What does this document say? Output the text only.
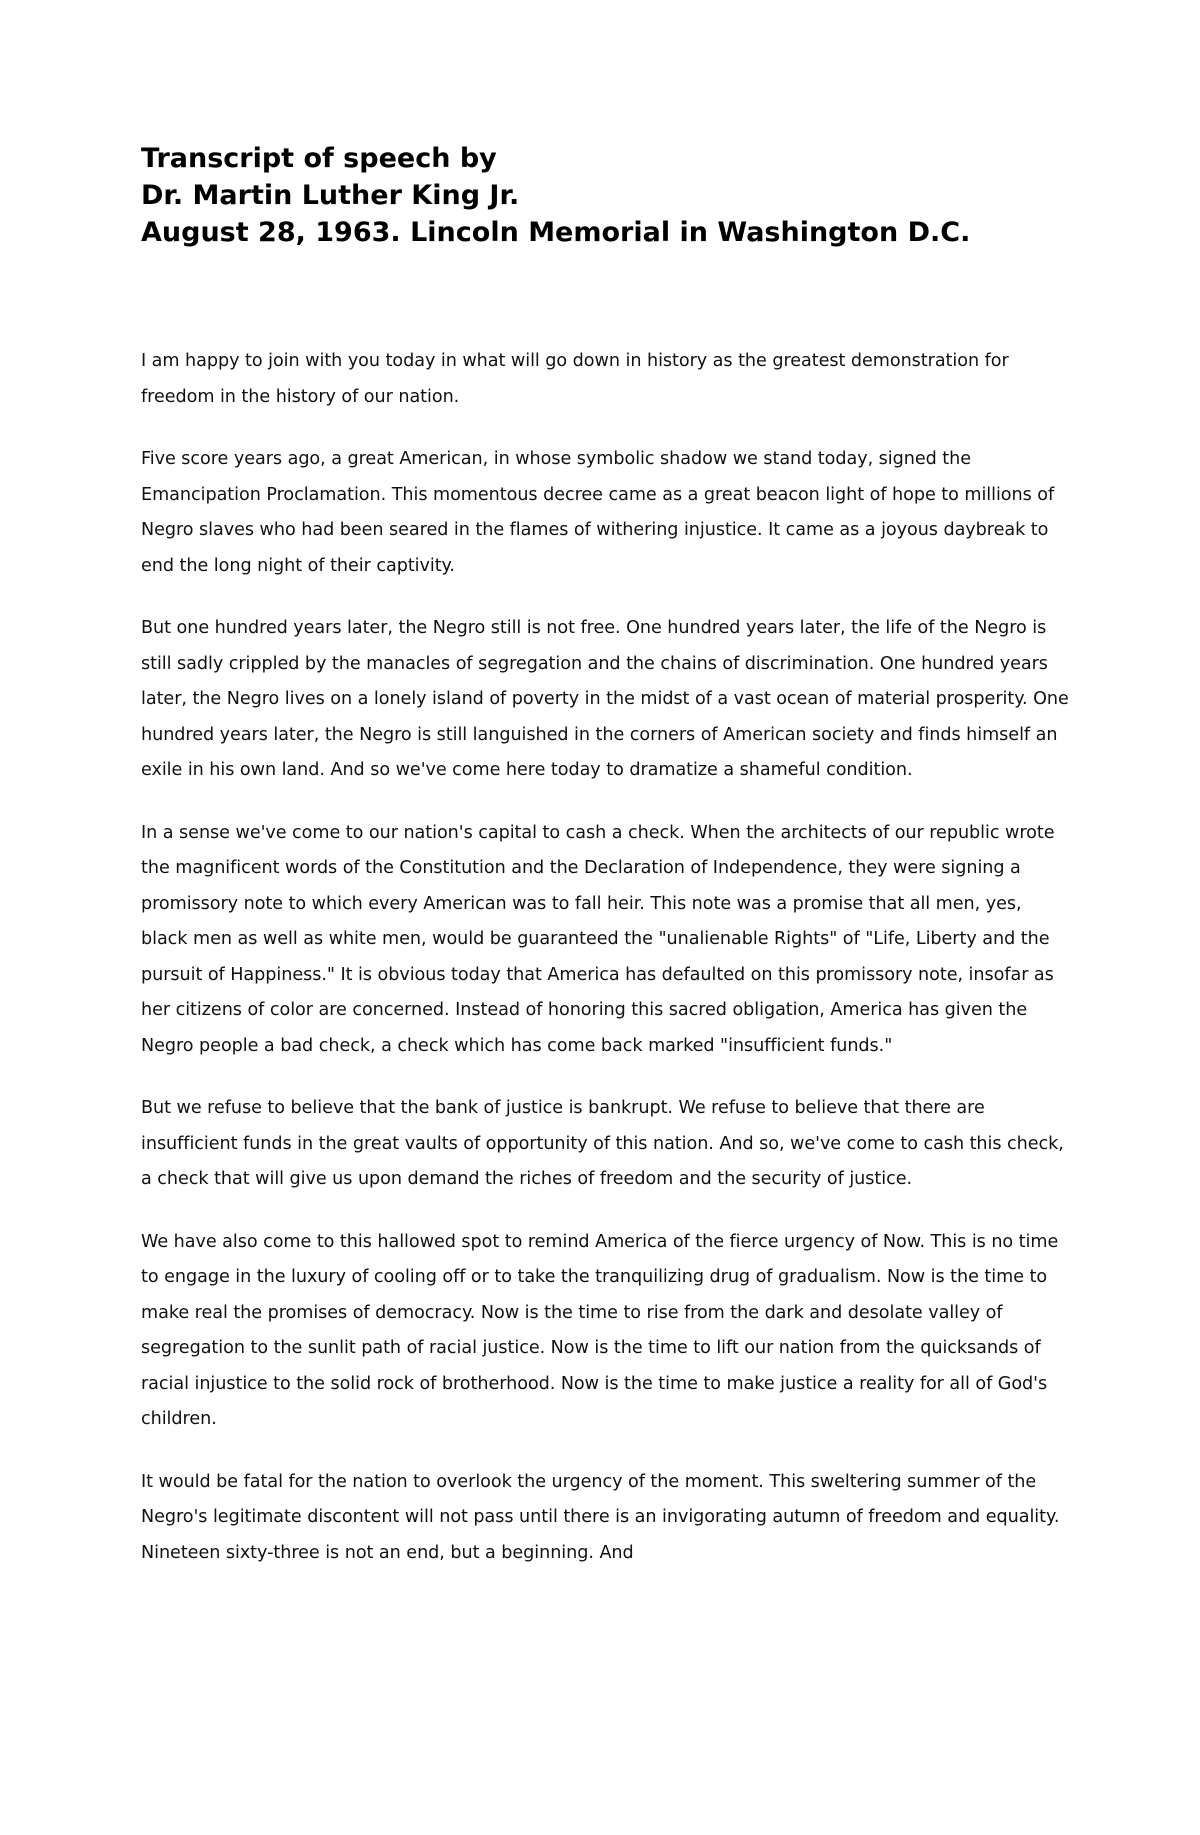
Transcript of speech by
Dr. Martin Luther King Jr.
August 28, 1963. Lincoln Memorial in Washington D.C.

I am happy to join with you today in what will go down in history as the greatest demonstration for freedom in the history of our nation.

Five score years ago, a great American, in whose symbolic shadow we stand today, signed the Emancipation Proclamation. This momentous decree came as a great beacon light of hope to millions of Negro slaves who had been seared in the flames of withering injustice. It came as a joyous daybreak to end the long night of their captivity.

But one hundred years later, the Negro still is not free. One hundred years later, the life of the Negro is still sadly crippled by the manacles of segregation and the chains of discrimination. One hundred years later, the Negro lives on a lonely island of poverty in the midst of a vast ocean of material prosperity. One hundred years later, the Negro is still languished in the corners of American society and finds himself an exile in his own land. And so we've come here today to dramatize a shameful condition.

In a sense we've come to our nation's capital to cash a check. When the architects of our republic wrote the magnificent words of the Constitution and the Declaration of Independence, they were signing a promissory note to which every American was to fall heir. This note was a promise that all men, yes, black men as well as white men, would be guaranteed the "unalienable Rights" of "Life, Liberty and the pursuit of Happiness." It is obvious today that America has defaulted on this promissory note, insofar as her citizens of color are concerned. Instead of honoring this sacred obligation, America has given the Negro people a bad check, a check which has come back marked "insufficient funds."

But we refuse to believe that the bank of justice is bankrupt. We refuse to believe that there are insufficient funds in the great vaults of opportunity of this nation. And so, we've come to cash this check, a check that will give us upon demand the riches of freedom and the security of justice.

We have also come to this hallowed spot to remind America of the fierce urgency of Now. This is no time to engage in the luxury of cooling off or to take the tranquilizing drug of gradualism. Now is the time to make real the promises of democracy. Now is the time to rise from the dark and desolate valley of segregation to the sunlit path of racial justice. Now is the time to lift our nation from the quicksands of racial injustice to the solid rock of brotherhood. Now is the time to make justice a reality for all of God's children.

It would be fatal for the nation to overlook the urgency of the moment. This sweltering summer of the Negro's legitimate discontent will not pass until there is an invigorating autumn of freedom and equality. Nineteen sixty-three is not an end, but a beginning. And
